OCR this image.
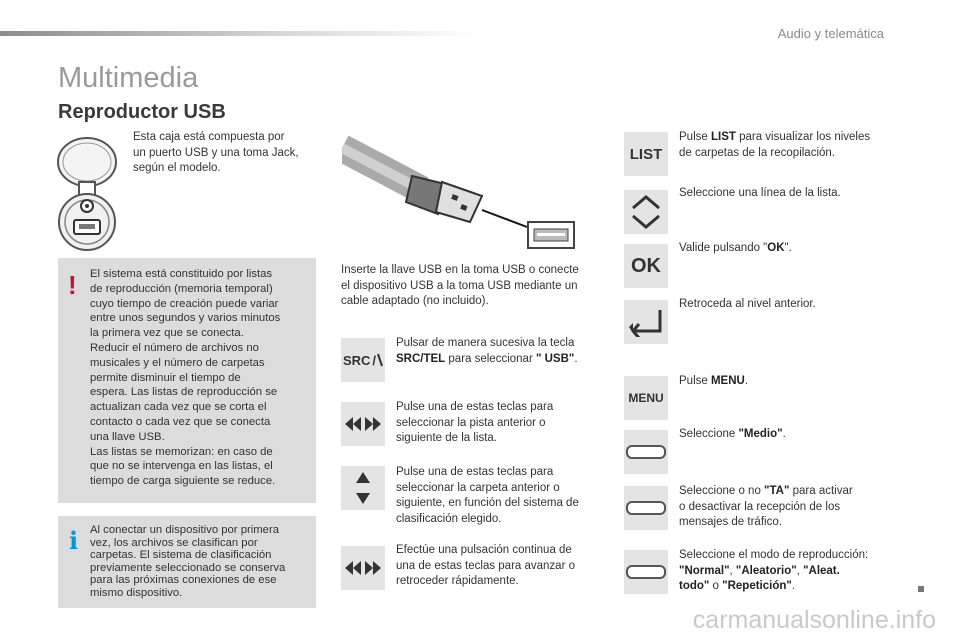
Audio y telemática
Multimedia
Reproductor USB
Esta caja está compuesta por
un puerto USB y una toma Jack,
según el modelo.
! El sistema está constituido por listas
de reproducción (memoria temporal)
cuyo tiempo de creación puede variar
entre unos segundos y varios minutos
la primera vez que se conecta.
Reducir el número de archivos no
musicales y el número de carpetas
permite disminuir el tiempo de
espera. Las listas de reproducción se
actualizan cada vez que se corta el
contacto o cada vez que se conecta
una llave USB.
Las listas se memorizan: en caso de
que no se intervenga en las listas, el
tiempo de carga siguiente se reduce.
i Al conectar un dispositivo por primera
vez, los archivos se clasifican por
carpetas. El sistema de clasificación
previamente seleccionado se conserva
para las próximas conexiones de ese
mismo dispositivo.
Inserte la llave USB en la toma USB o conecte
el dispositivo USB a la toma USB mediante un
cable adaptado (no incluido).
SRC /
Pulsar de manera sucesiva la tecla
SRC/TEL para seleccionar " USB".
Pulse una de estas teclas para
seleccionar la pista anterior o
siguiente de la lista.
Pulse una de estas teclas para
seleccionar la carpeta anterior o
siguiente, en función del sistema de
clasificación elegido.
Efectúe una pulsación continua de
una de estas teclas para avanzar o
retroceder rápidamente.
LIST
Pulse LIST para visualizar los niveles
de carpetas de la recopilación.
Seleccione una línea de la lista.
OK
Valide pulsando "OK".
Retroceda al nivel anterior.
MENU
Pulse MENU.
Seleccione "Medio".
Seleccione o no "TA" para activar
o desactivar la recepción de los
mensajes de tráfico.
Seleccione el modo de reproducción:
"Normal", "Aleatorio", "Aleat.
todo" o "Repetición".
carmanualsonline.info
